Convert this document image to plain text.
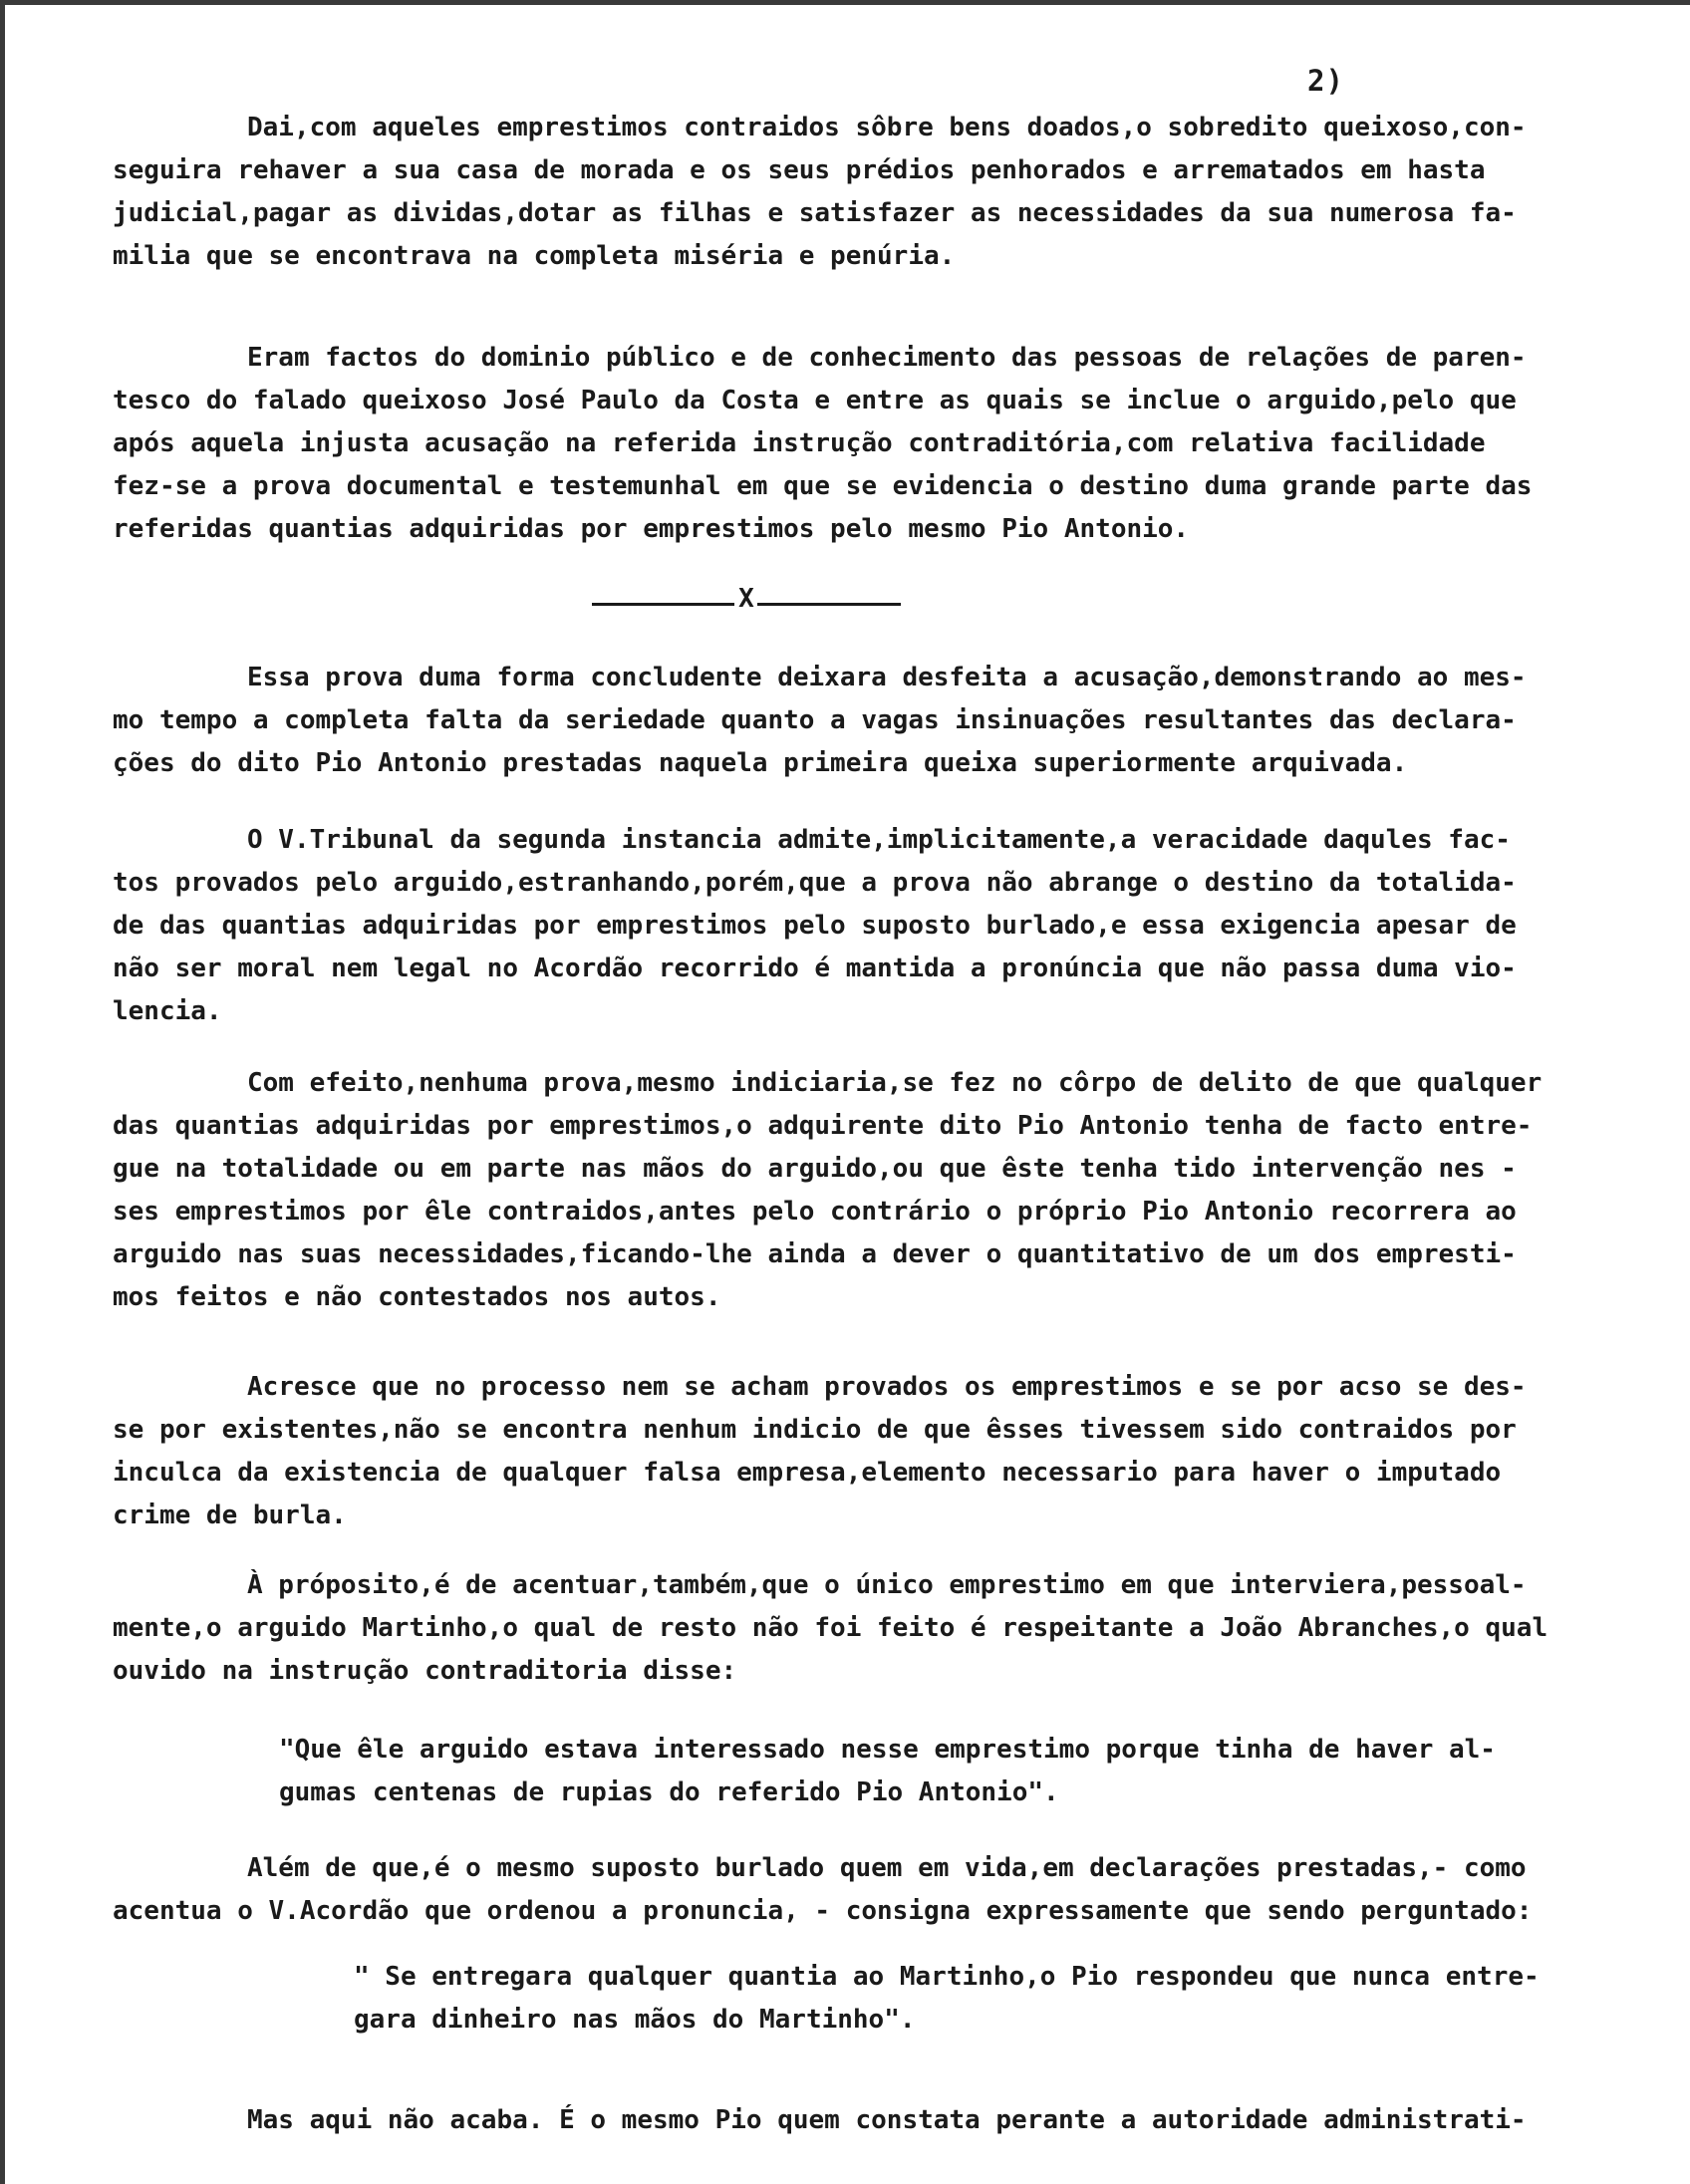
2)
Dai,com aqueles emprestimos contraidos sôbre bens doados,o sobredito queixoso,con-
seguira rehaver a sua casa de morada e os seus prédios penhorados e arrematados em hasta
judicial,pagar as dividas,dotar as filhas e satisfazer as necessidades da sua numerosa fa-
milia que se encontrava na completa miséria e penúria.
Eram factos do dominio público e de conhecimento das pessoas de relações de paren-
tesco do falado queixoso José Paulo da Costa e entre as quais se inclue o arguido,pelo que
após aquela injusta acusação na referida instrução contraditória,com relativa facilidade
fez-se a prova documental e testemunhal em que se evidencia o destino duma grande parte das
referidas quantias adquiridas por emprestimos pelo mesmo Pio Antonio.
X
Essa prova duma forma concludente deixara desfeita a acusação,demonstrando ao mes-
mo tempo a completa falta da seriedade quanto a vagas insinuações resultantes das declara-
ções do dito Pio Antonio prestadas naquela primeira queixa superiormente arquivada.
O V.Tribunal da segunda instancia admite,implicitamente,a veracidade daqules fac-
tos provados pelo arguido,estranhando,porém,que a prova não abrange o destino da totalida-
de das quantias adquiridas por emprestimos pelo suposto burlado,e essa exigencia apesar de
não ser moral nem legal no Acordão recorrido é mantida a pronúncia que não passa duma vio-
lencia.
Com efeito,nenhuma prova,mesmo indiciaria,se fez no côrpo de delito de que qualquer
das quantias adquiridas por emprestimos,o adquirente dito Pio Antonio tenha de facto entre-
gue na totalidade ou em parte nas mãos do arguido,ou que êste tenha tido intervenção nes -
ses emprestimos por êle contraidos,antes pelo contrário o próprio Pio Antonio recorrera ao
arguido nas suas necessidades,ficando-lhe ainda a dever o quantitativo de um dos empresti-
mos feitos e não contestados nos autos.
Acresce que no processo nem se acham provados os emprestimos e se por acso se des-
se por existentes,não se encontra nenhum indicio de que êsses tivessem sido contraidos por
inculca da existencia de qualquer falsa empresa,elemento necessario para haver o imputado
crime de burla.
À próposito,é de acentuar,também,que o único emprestimo em que interviera,pessoal-
mente,o arguido Martinho,o qual de resto não foi feito é respeitante a João Abranches,o qual
ouvido na instrução contraditoria disse:
"Que êle arguido estava interessado nesse emprestimo porque tinha de haver al-
gumas centenas de rupias do referido Pio Antonio".
Além de que,é o mesmo suposto burlado quem em vida,em declarações prestadas,- como
acentua o V.Acordão que ordenou a pronuncia, - consigna expressamente que sendo perguntado:
" Se entregara qualquer quantia ao Martinho,o Pio respondeu que nunca entre-
gara dinheiro nas mãos do Martinho".
Mas aqui não acaba. É o mesmo Pio quem constata perante a autoridade administrati-
